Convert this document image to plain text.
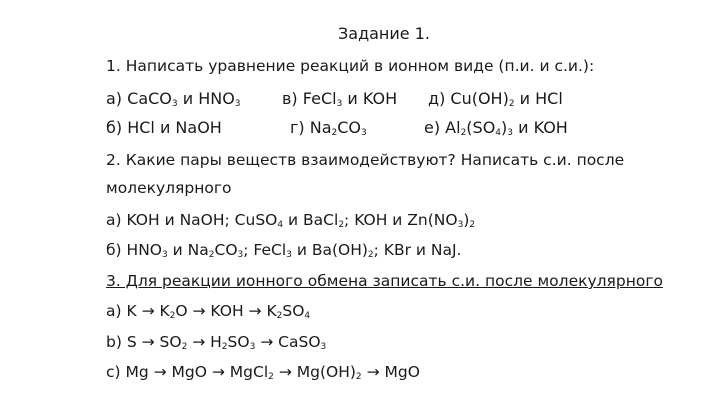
Задание 1.
1. Написать уравнение реакций в ионном виде (п.и. и с.и.):
а) CaCO$_3$ и $HNO_3$	в) FeCl$_3$ и KOH д) $Cu(OH)_2$ и HCl
б) HCl и NaOH	г) $Na_2CO_3$	е) $Al_2(SO_4)_3$ и KOH
2. Какие пары веществ взаимодействуют? Написать с.и. после
молекулярного
а) KOH и NaOH; CuSO$_4$ и BaCl$_2$; KOH и $Zn(NO_3)_2$
б) $HNO_3$ и $Na_2CO_3$; FeCl$_3$ и $Ba(OH)_2$; KBr и NaJ.
3. Для реакции ионного обмена записать с.и. после молекулярного
а) $K \to K_2O$ → KOH → $K_2SO_4$
b) $S \to SO_2 \to H_2SO_3$ → CaSO$_3$
c) Mg → MgO → MgCl$_2$ → $Mg(OH)_2$ → MgO
